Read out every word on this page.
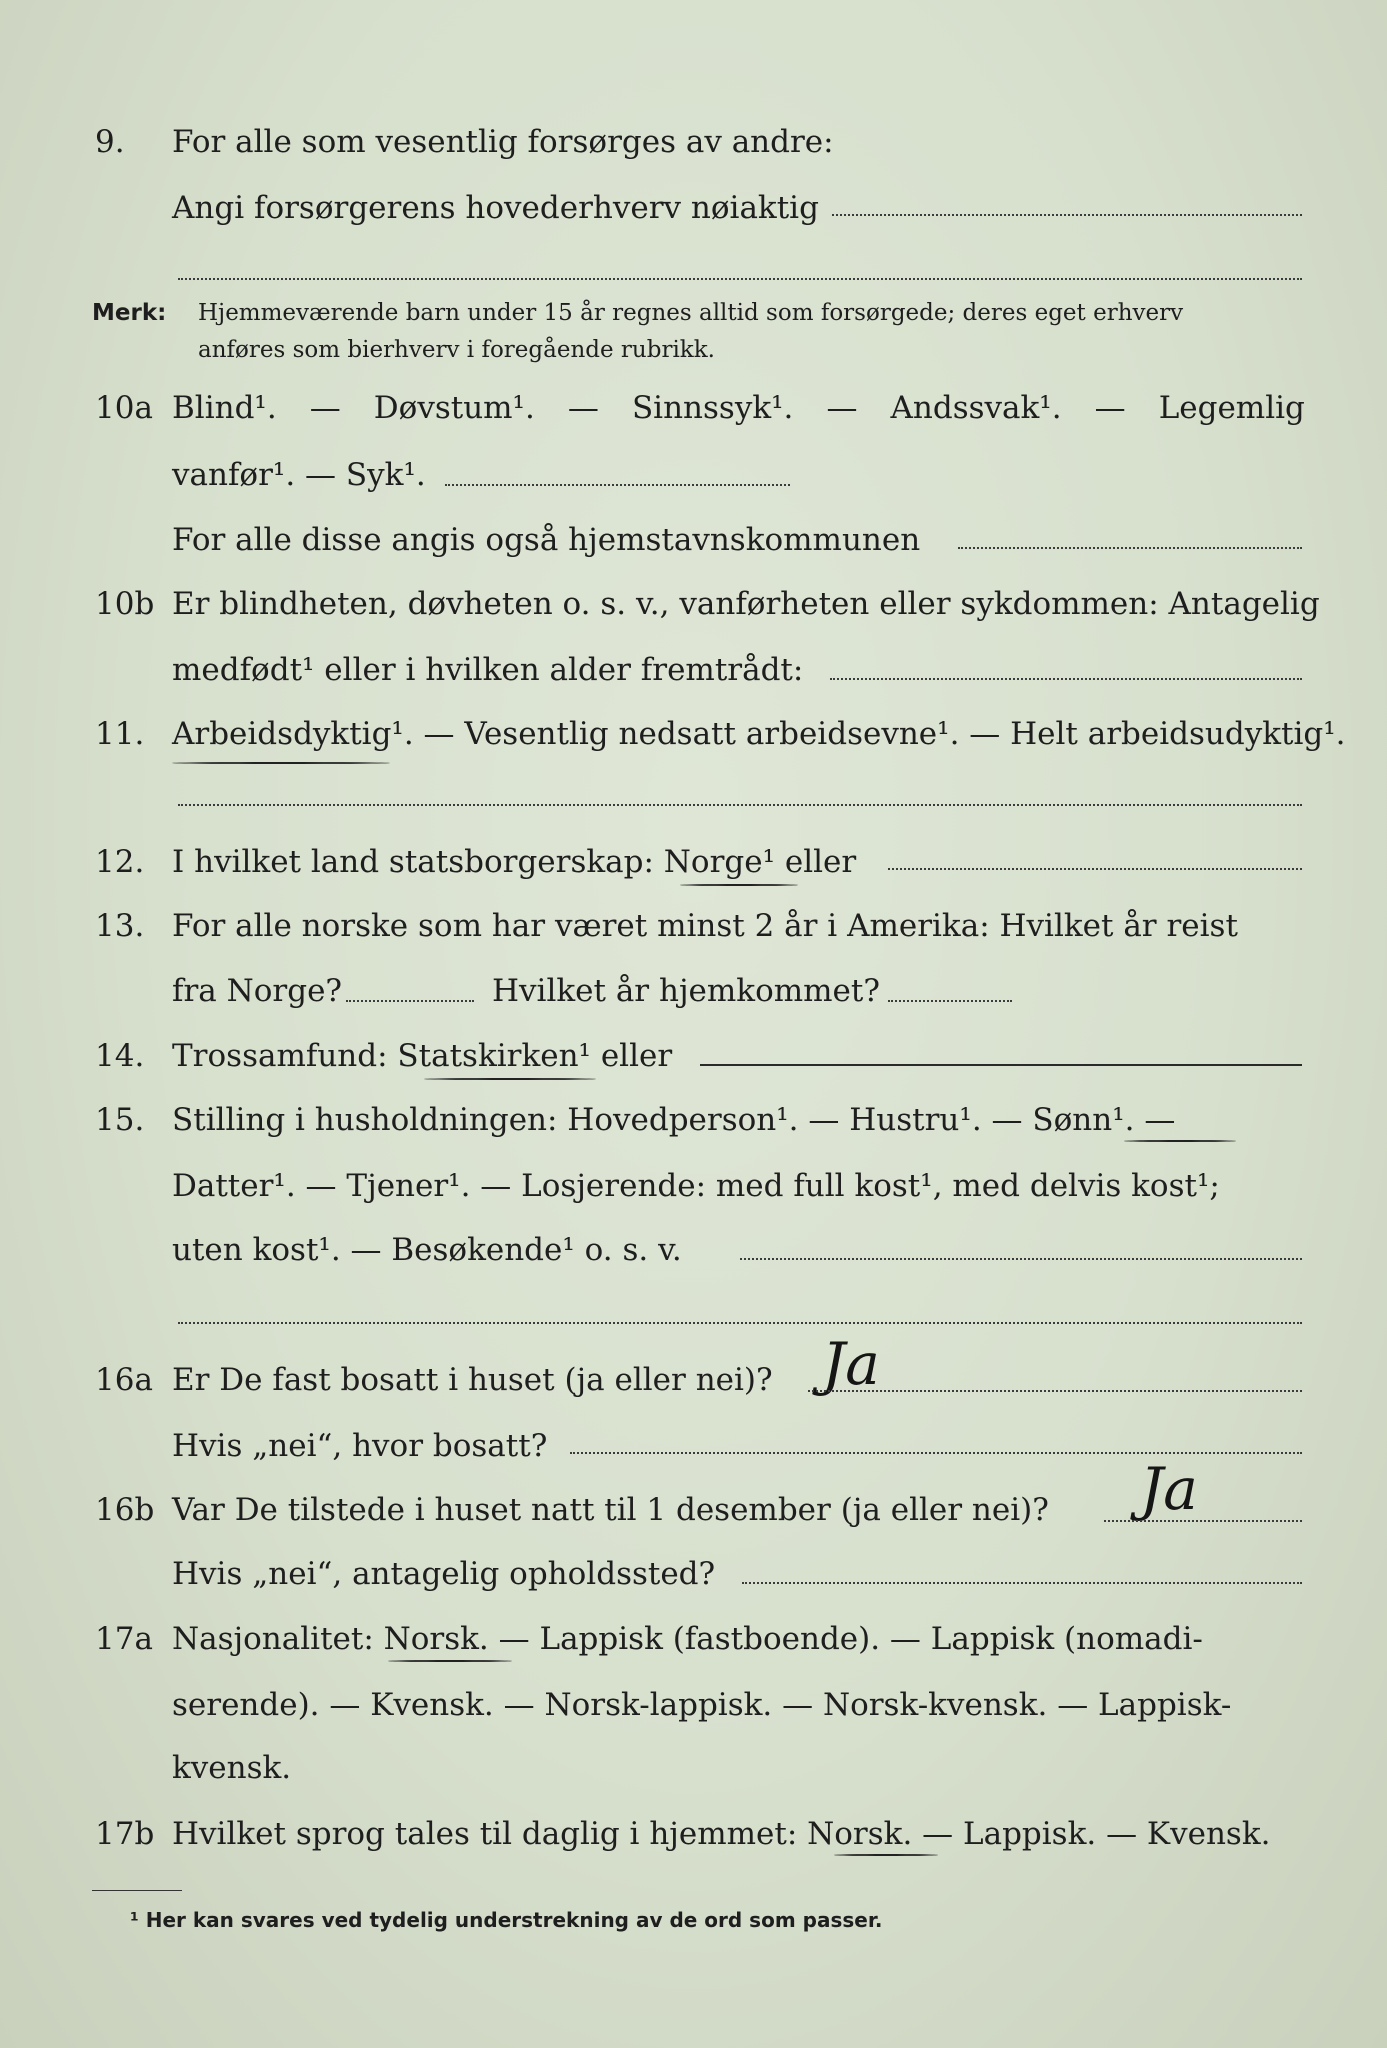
9. For alle som vesentlig forsørges av andre:
Angi forsørgerens hovederhverv nøiaktig
Merk: Hjemmeværende barn under 15 år regnes alltid som forsørgede; deres eget erhverv
anføres som bierhverv i foregående rubrikk.
10a Blind¹. — Døvstum¹. — Sinnssyk¹. — Andssvak¹. — Legemlig
vanfør¹. — Syk¹.
For alle disse angis også hjemstavnskommunen
10b Er blindheten, døvheten o. s. v., vanførheten eller sykdommen: Antagelig
medfødt¹ eller i hvilken alder fremtrådt:
11. Arbeidsdyktig¹. — Vesentlig nedsatt arbeidsevne¹. — Helt arbeidsudyktig¹.
12. I hvilket land statsborgerskap: Norge¹ eller
13. For alle norske som har været minst 2 år i Amerika: Hvilket år reist
fra Norge?	Hvilket år hjemkommet?
14. Trossamfund: Statskirken¹ eller
15. Stilling i husholdningen: Hovedperson¹. — Hustru¹. — Sønn¹. —
Datter¹. — Tjener¹. — Losjerende: med full kost¹, med delvis kost¹;
uten kost¹. — Besøkende¹ o. s. v.
16a Er De fast bosatt i huset (ja eller nei)? Ja
Hvis „nei“, hvor bosatt?
16b Var De tilstede i huset natt til 1 desember (ja eller nei)? Ja
Hvis „nei“, antagelig opholdssted?
17a Nasjonalitet: Norsk. — Lappisk (fastboende). — Lappisk (nomadi-
serende). — Kvensk. — Norsk-lappisk. — Norsk-kvensk. — Lappisk-
kvensk.
17b Hvilket sprog tales til daglig i hjemmet: Norsk. — Lappisk. — Kvensk.
¹ Her kan svares ved tydelig understrekning av de ord som passer.
